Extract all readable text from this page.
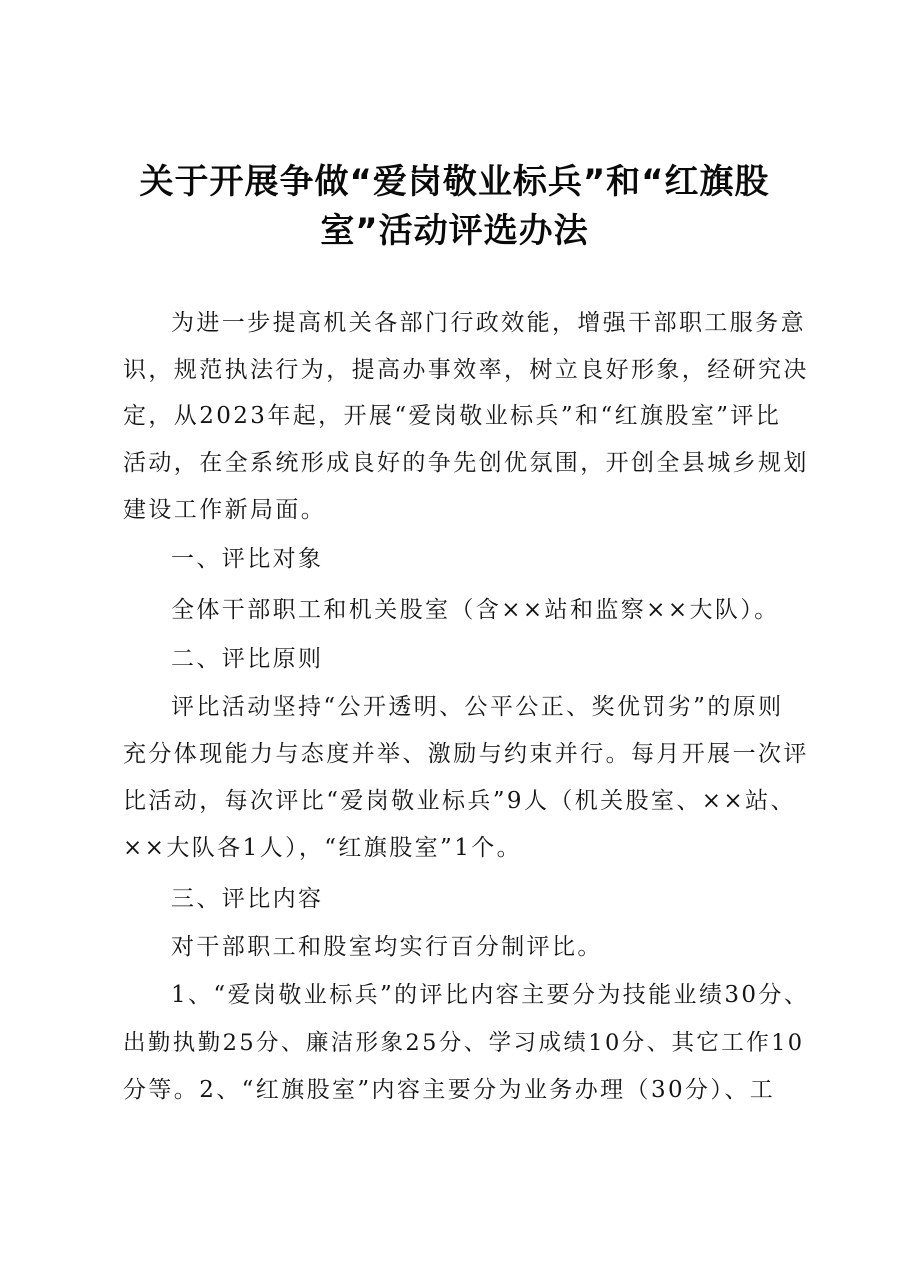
关于开展争做“爱岗敬业标兵”和“红旗股
室”活动评选办法

为进一步提高机关各部门行政效能，增强干部职工服务意

识，规范执法行为，提高办事效率，树立良好形象，经研究决

定，从2023年起，开展“爱岗敬业标兵”和“红旗股室”评比

活动，在全系统形成良好的争先创优氛围，开创全县城乡规划

建设工作新局面。

一、评比对象

全体干部职工和机关股室（含××站和监察××大队）。

二、评比原则

评比活动坚持“公开透明、公平公正、奖优罚劣”的原则

充分体现能力与态度并举、激励与约束并行。每月开展一次评

比活动，每次评比“爱岗敬业标兵”9人（机关股室、××站、

××大队各1人），“红旗股室”1个。

三、评比内容

对干部职工和股室均实行百分制评比。

1、“爱岗敬业标兵”的评比内容主要分为技能业绩30分、

出勤执勤25分、廉洁形象25分、学习成绩10分、其它工作10

分等。2、“红旗股室”内容主要分为业务办理（30分）、工
